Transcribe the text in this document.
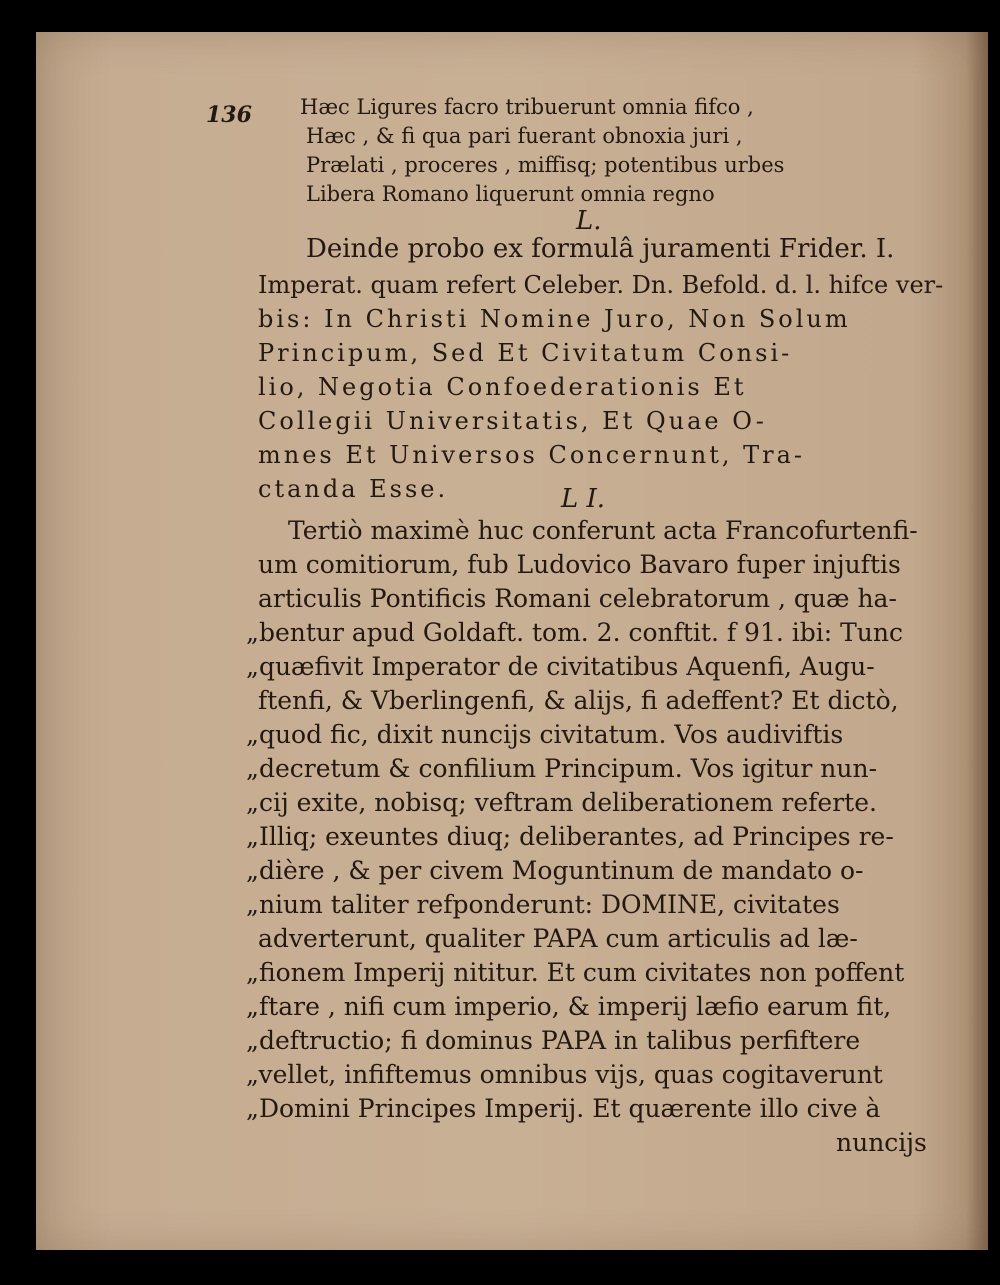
136 Hæc Ligures facro tribuerunt omnia fifco ,
Hæc , & fi qua pari fuerant obnoxia juri ,
Prælati , proceres , miffisq; potentibus urbes
Libera Romano liquerunt omnia regno
L.
Deinde probo ex formulâ juramenti Frider. I.
Imperat. quam refert Celeber. Dn. Befold. d. l. hifce ver-
bis: In Christi Nomine Juro, Non Solum
Principum, Sed Et Civitatum Consi-
lio, Negotia Confoederationis Et
Collegii Universitatis, Et Quae O-
mnes Et Universos Concernunt, Tra-
ctanda Esse.	L I.
Tertiò maximè huc conferunt acta Francofurtenfi-
um comitiorum, fub Ludovico Bavaro fuper injuftis
articulis Pontificis Romani celebratorum , quæ ha-
„bentur apud Goldaft. tom. 2. conftit. f 91. ibi: Tunc
„quæfivit Imperator de civitatibus Aquenfi, Augu-
ftenfi, & Vberlingenfi, & alijs, fi adeffent? Et dictò,
„quod fic, dixit nuncijs civitatum. Vos audiviftis
„decretum & confilium Principum. Vos igitur nun-
„cij exite, nobisq; veftram deliberationem referte.
„Illiq; exeuntes diuq; deliberantes, ad Principes re-
„dière , & per civem Moguntinum de mandato o-
„nium taliter refponderunt: DOMINE, civitates
adverterunt, qualiter PAPA cum articulis ad læ-
„fionem Imperij nititur. Et cum civitates non poffent
„ftare , nifi cum imperio, & imperij læfio earum fit,
„deftructio; fi dominus PAPA in talibus perfiftere
„vellet, infiftemus omnibus vijs, quas cogitaverunt
„Domini Principes Imperij. Et quærente illo cive à
nuncijs
